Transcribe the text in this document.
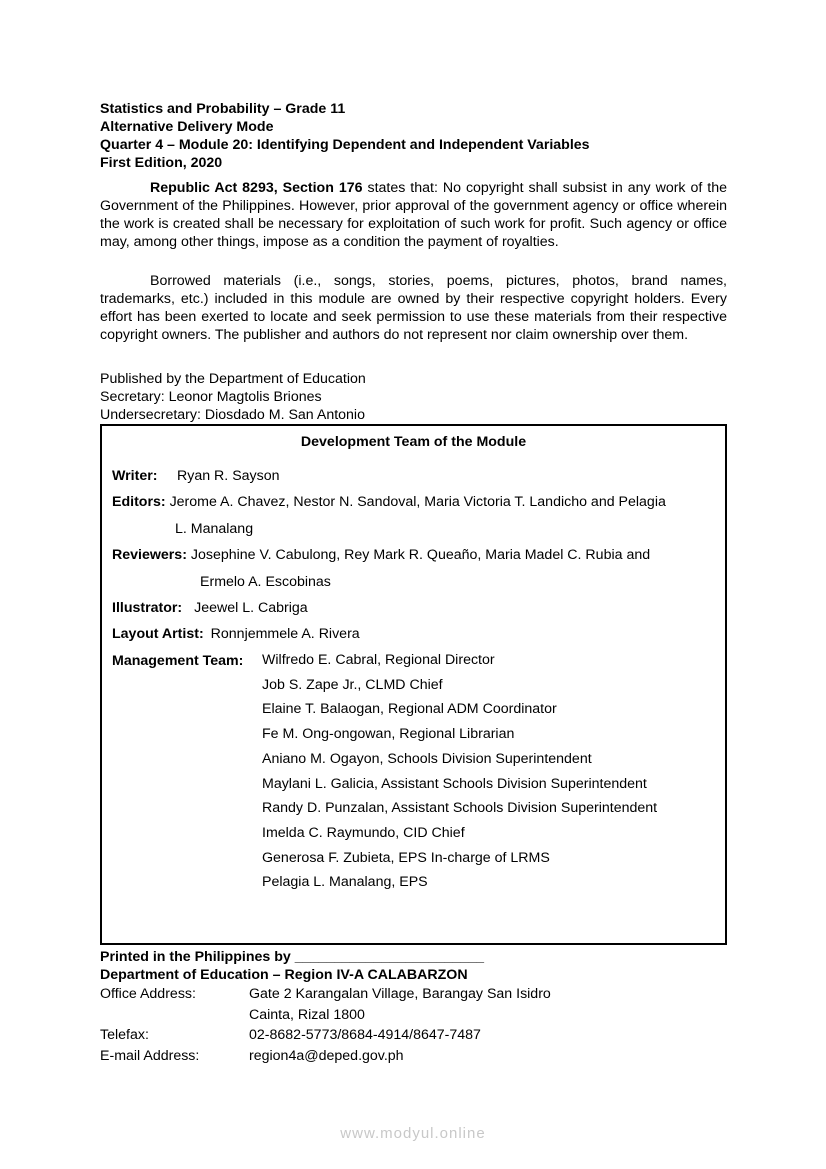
Statistics and Probability – Grade 11
Alternative Delivery Mode
Quarter 4 – Module 20: Identifying Dependent and Independent Variables
First Edition, 2020

Republic Act 8293, Section 176 states that: No copyright shall subsist in any work of the Government of the Philippines. However, prior approval of the government agency or office wherein the work is created shall be necessary for exploitation of such work for profit. Such agency or office may, among other things, impose as a condition the payment of royalties.

Borrowed materials (i.e., songs, stories, poems, pictures, photos, brand names, trademarks, etc.) included in this module are owned by their respective copyright holders. Every effort has been exerted to locate and seek permission to use these materials from their respective copyright owners. The publisher and authors do not represent nor claim ownership over them.

Published by the Department of Education
Secretary: Leonor Magtolis Briones
Undersecretary: Diosdado M. San Antonio
Development Team of the Module
Writer: Ryan R. Sayson
Editors: Jerome A. Chavez, Nestor N. Sandoval, Maria Victoria T. Landicho and Pelagia
L. Manalang
Reviewers: Josephine V. Cabulong, Rey Mark R. Queaño, Maria Madel C. Rubia and
Ermelo A. Escobinas
Illustrator: Jeewel L. Cabriga
Layout Artist: Ronnjemmele A. Rivera
Management Team: Wilfredo E. Cabral, Regional Director
Job S. Zape Jr., CLMD Chief
Elaine T. Balaogan, Regional ADM Coordinator
Fe M. Ong-ongowan, Regional Librarian
Aniano M. Ogayon, Schools Division Superintendent
Maylani L. Galicia, Assistant Schools Division Superintendent
Randy D. Punzalan, Assistant Schools Division Superintendent
Imelda C. Raymundo, CID Chief
Generosa F. Zubieta, EPS In-charge of LRMS
Pelagia L. Manalang, EPS
Printed in the Philippines by ________________________
Department of Education – Region IV-A CALABARZON
Office Address:	Gate 2 Karangalan Village, Barangay San Isidro
Cainta, Rizal 1800
Telefax:	02-8682-5773/8684-4914/8647-7487
E-mail Address:	region4a@deped.gov.ph
www.modyul.online
